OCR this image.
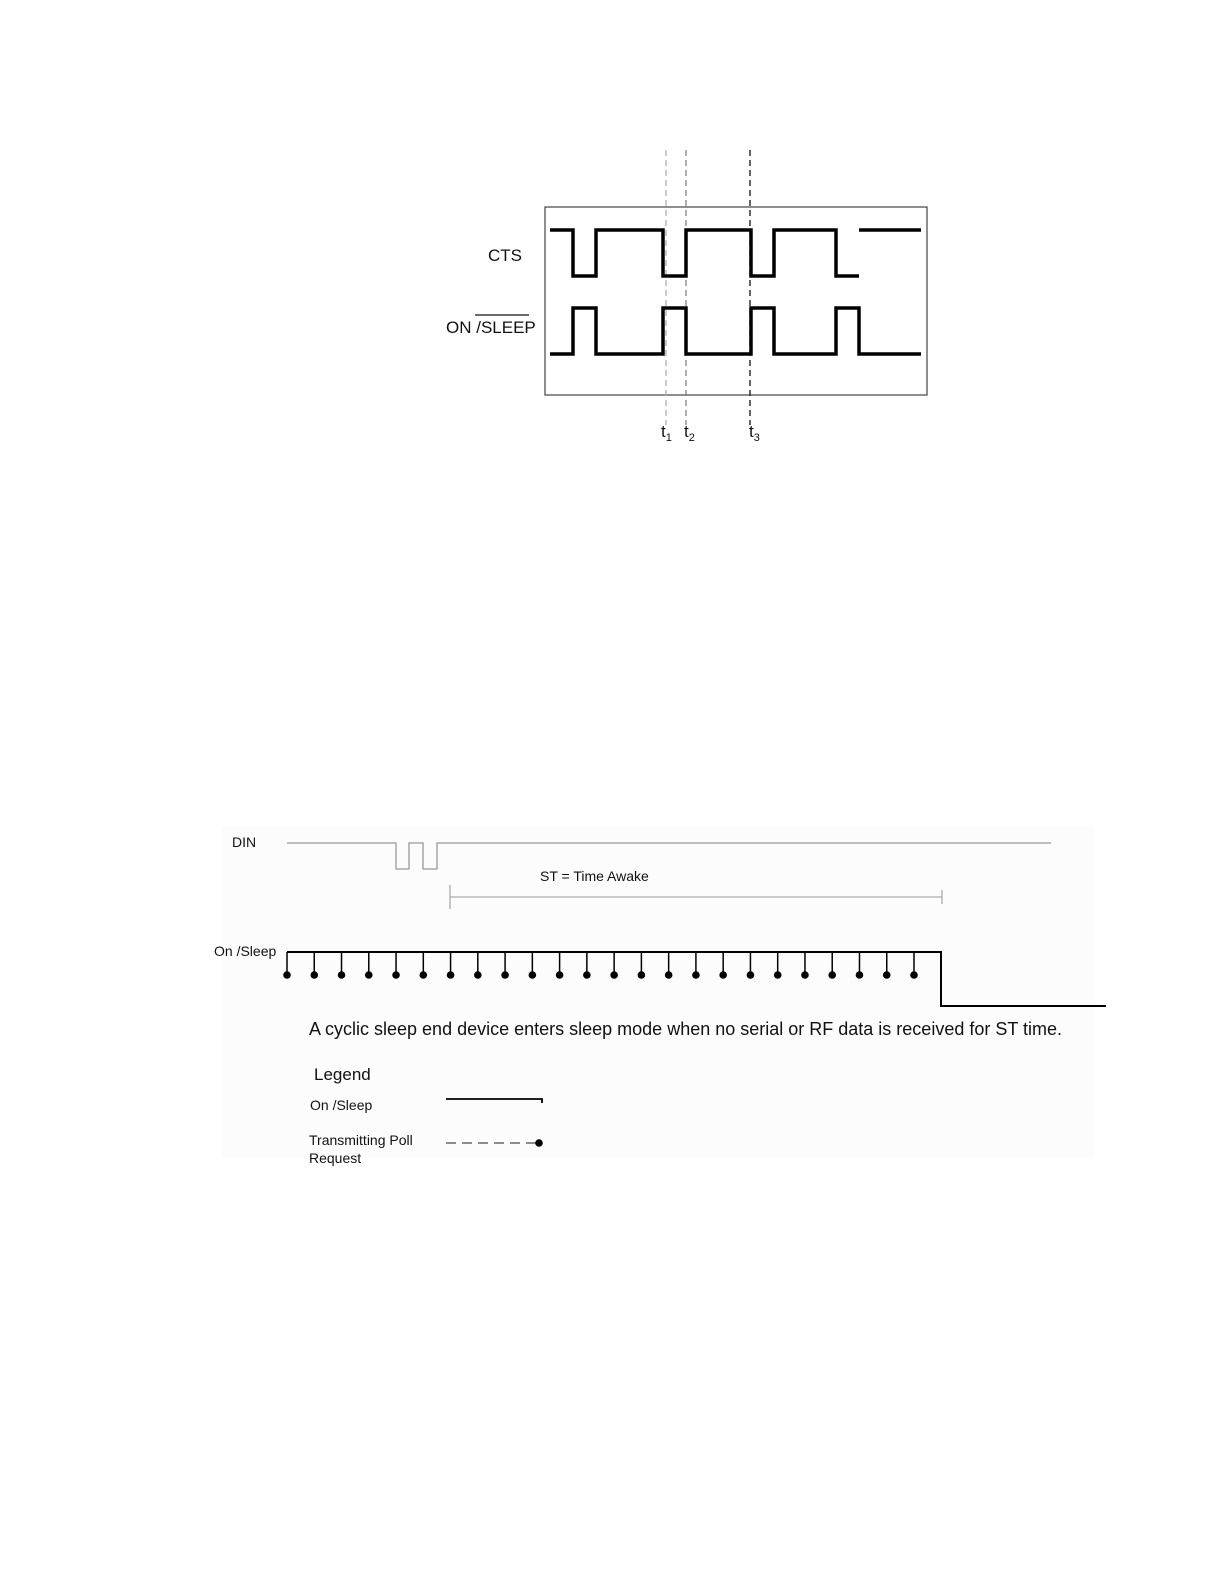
CTS
ON /SLEEP
$t_1$ $t_2$	$t_3$
DIN
ST = Time Awake
On /Sleep
A cyclic sleep end device enters sleep mode when no serial or RF data is received for ST time.
Legend
On /Sleep
Transmitting Poll
Request
